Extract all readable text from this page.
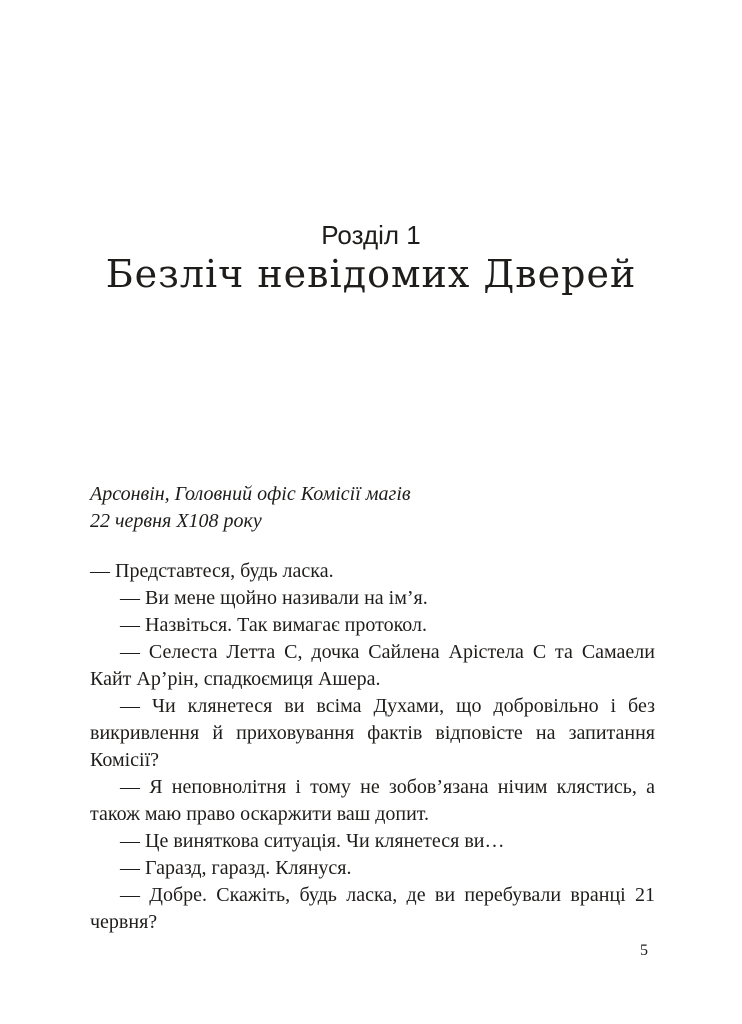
Розділ 1
Безліч невідомих Дверей
Арсонвін, Головний офіс Комісії магів
22 червня Х108 року
— Представтеся, будь ласка.
— Ви мене щойно називали на ім’я.
— Назвіться. Так вимагає протокол.
— Селеста Летта С, дочка Сайлена Арістела С та Самаели Кайт Ар’рін, спадкоємиця Ашера.
— Чи клянетеся ви всіма Духами, що добровільно і без викривлення й приховування фактів відповісте на запитання Комісії?
— Я неповнолітня і тому не зобов’язана нічим клястись, а також маю право оскаржити ваш допит.
— Це виняткова ситуація. Чи клянетеся ви…
— Гаразд, гаразд. Клянуся.
— Добре. Скажіть, будь ласка, де ви перебували вранці 21 червня?
5
